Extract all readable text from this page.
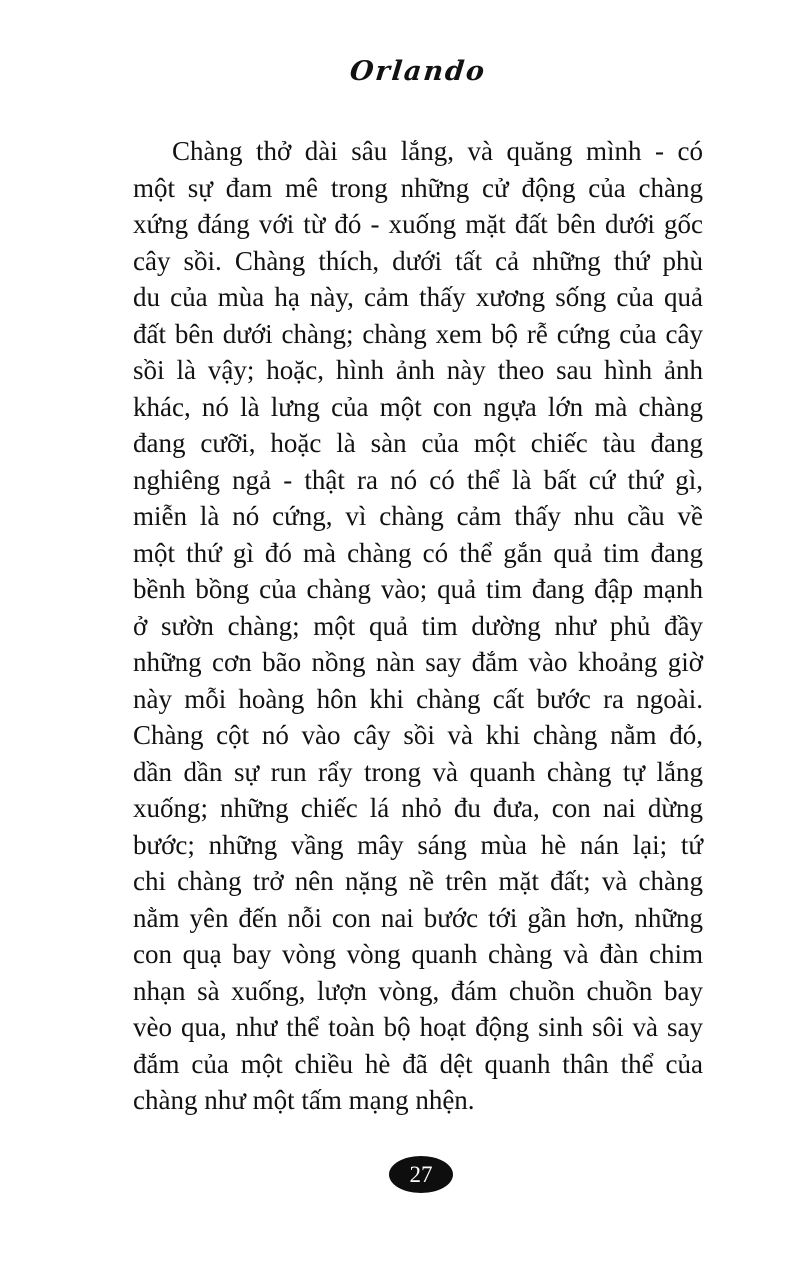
Orlando
Chàng thở dài sâu lắng, và quăng mình - có
một sự đam mê trong những cử động của chàng
xứng đáng với từ đó - xuống mặt đất bên dưới gốc
cây sồi. Chàng thích, dưới tất cả những thứ phù
du của mùa hạ này, cảm thấy xương sống của quả
đất bên dưới chàng; chàng xem bộ rễ cứng của cây
sồi là vậy; hoặc, hình ảnh này theo sau hình ảnh
khác, nó là lưng của một con ngựa lớn mà chàng
đang cưỡi, hoặc là sàn của một chiếc tàu đang
nghiêng ngả - thật ra nó có thể là bất cứ thứ gì,
miễn là nó cứng, vì chàng cảm thấy nhu cầu về
một thứ gì đó mà chàng có thể gắn quả tim đang
bềnh bồng của chàng vào; quả tim đang đập mạnh
ở sườn chàng; một quả tim dường như phủ đầy
những cơn bão nồng nàn say đắm vào khoảng giờ
này mỗi hoàng hôn khi chàng cất bước ra ngoài.
Chàng cột nó vào cây sồi và khi chàng nằm đó,
dần dần sự run rẩy trong và quanh chàng tự lắng
xuống; những chiếc lá nhỏ đu đưa, con nai dừng
bước; những vầng mây sáng mùa hè nán lại; tứ
chi chàng trở nên nặng nề trên mặt đất; và chàng
nằm yên đến nỗi con nai bước tới gần hơn, những
con quạ bay vòng vòng quanh chàng và đàn chim
nhạn sà xuống, lượn vòng, đám chuồn chuồn bay
vèo qua, như thể toàn bộ hoạt động sinh sôi và say
đắm của một chiều hè đã dệt quanh thân thể của
chàng như một tấm mạng nhện.
27
